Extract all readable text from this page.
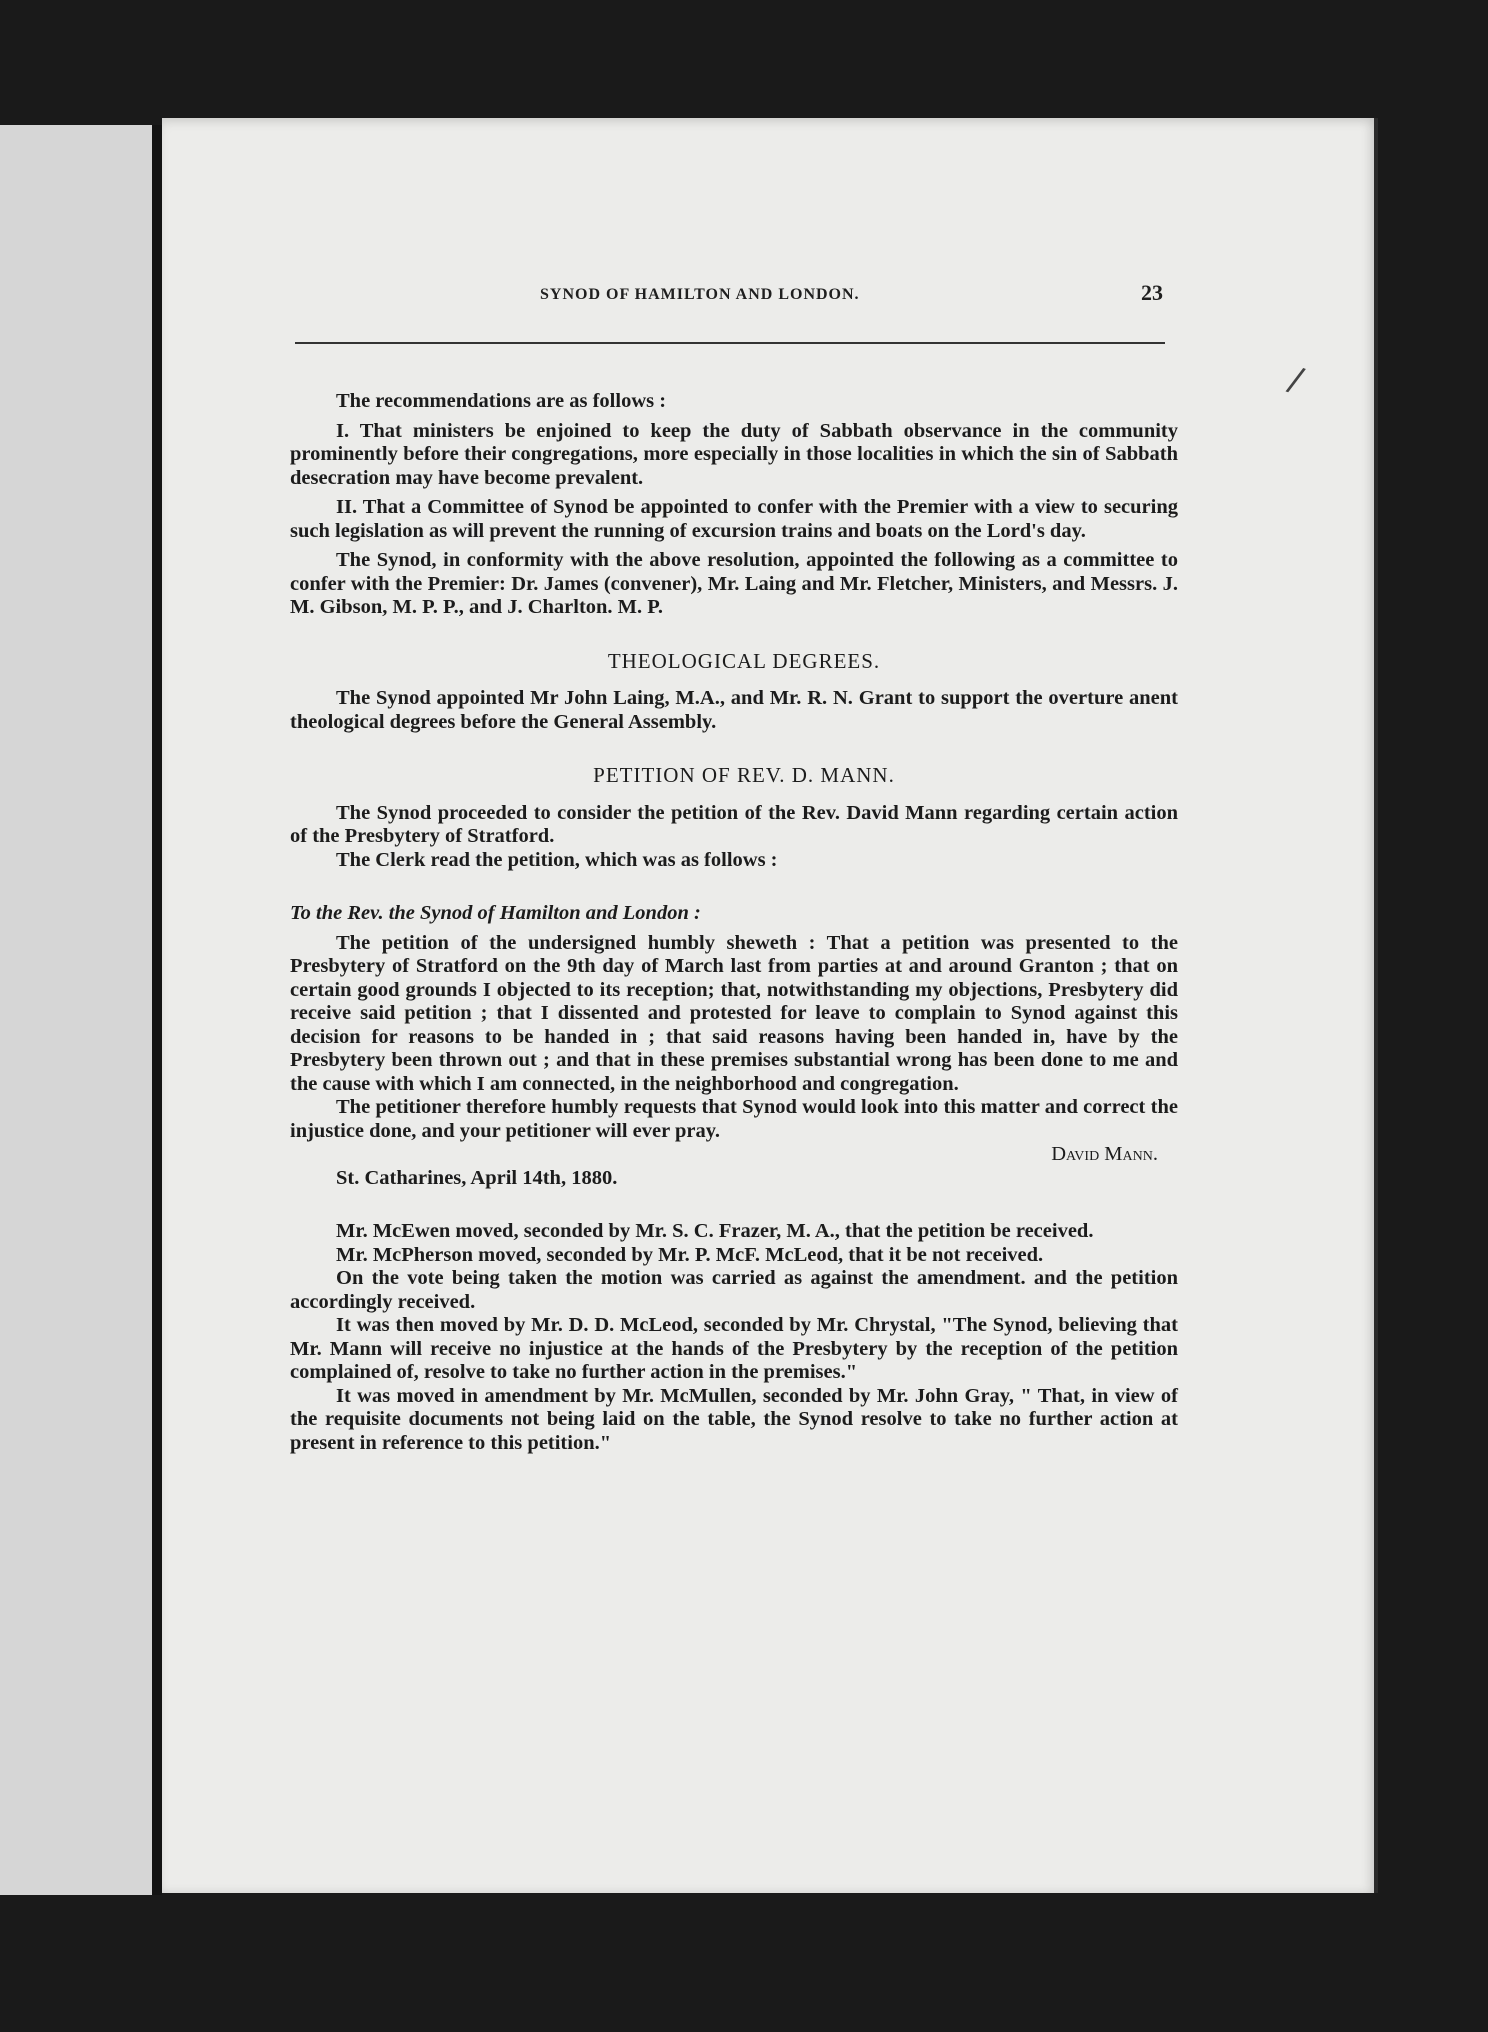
/
SYNOD OF HAMILTON AND LONDON.	23

The recommendations are as follows :

I. That ministers be enjoined to keep the duty of Sabbath observance in the community prominently before their congregations, more especially in those localities in which the sin of Sabbath desecration may have become prevalent.

II. That a Committee of Synod be appointed to confer with the Premier with a view to securing such legislation as will prevent the running of excursion trains and boats on the Lord's day.

The Synod, in conformity with the above resolution, appointed the following as a committee to confer with the Premier: Dr. James (convener), Mr. Laing and Mr. Fletcher, Ministers, and Messrs. J. M. Gibson, M. P. P., and J. Charlton. M. P.

THEOLOGICAL DEGREES.

The Synod appointed Mr John Laing, M.A., and Mr. R. N. Grant to support the overture anent theological degrees before the General Assembly.

PETITION OF REV. D. MANN.

The Synod proceeded to consider the petition of the Rev. David Mann regarding certain action of the Presbytery of Stratford.

The Clerk read the petition, which was as follows :

To the Rev. the Synod of Hamilton and London :

The petition of the undersigned humbly sheweth : That a petition was presented to the Presbytery of Stratford on the 9th day of March last from parties at and around Granton ; that on certain good grounds I objected to its reception; that, notwithstanding my objections, Presbytery did receive said petition ; that I dissented and protested for leave to complain to Synod against this decision for reasons to be handed in ; that said reasons having been handed in, have by the Presbytery been thrown out ; and that in these premises substantial wrong has been done to me and the cause with which I am connected, in the neighborhood and congregation.

The petitioner therefore humbly requests that Synod would look into this matter and correct the injustice done, and your petitioner will ever pray.

David Mann.

St. Catharines, April 14th, 1880.

Mr. McEwen moved, seconded by Mr. S. C. Frazer, M. A., that the petition be received.

Mr. McPherson moved, seconded by Mr. P. McF. McLeod, that it be not received.

On the vote being taken the motion was carried as against the amendment. and the petition accordingly received.

It was then moved by Mr. D. D. McLeod, seconded by Mr. Chrystal, "The Synod, believing that Mr. Mann will receive no injustice at the hands of the Presbytery by the reception of the petition complained of, resolve to take no further action in the premises."

It was moved in amendment by Mr. McMullen, seconded by Mr. John Gray, " That, in view of the requisite documents not being laid on the table, the Synod resolve to take no further action at present in reference to this petition."
